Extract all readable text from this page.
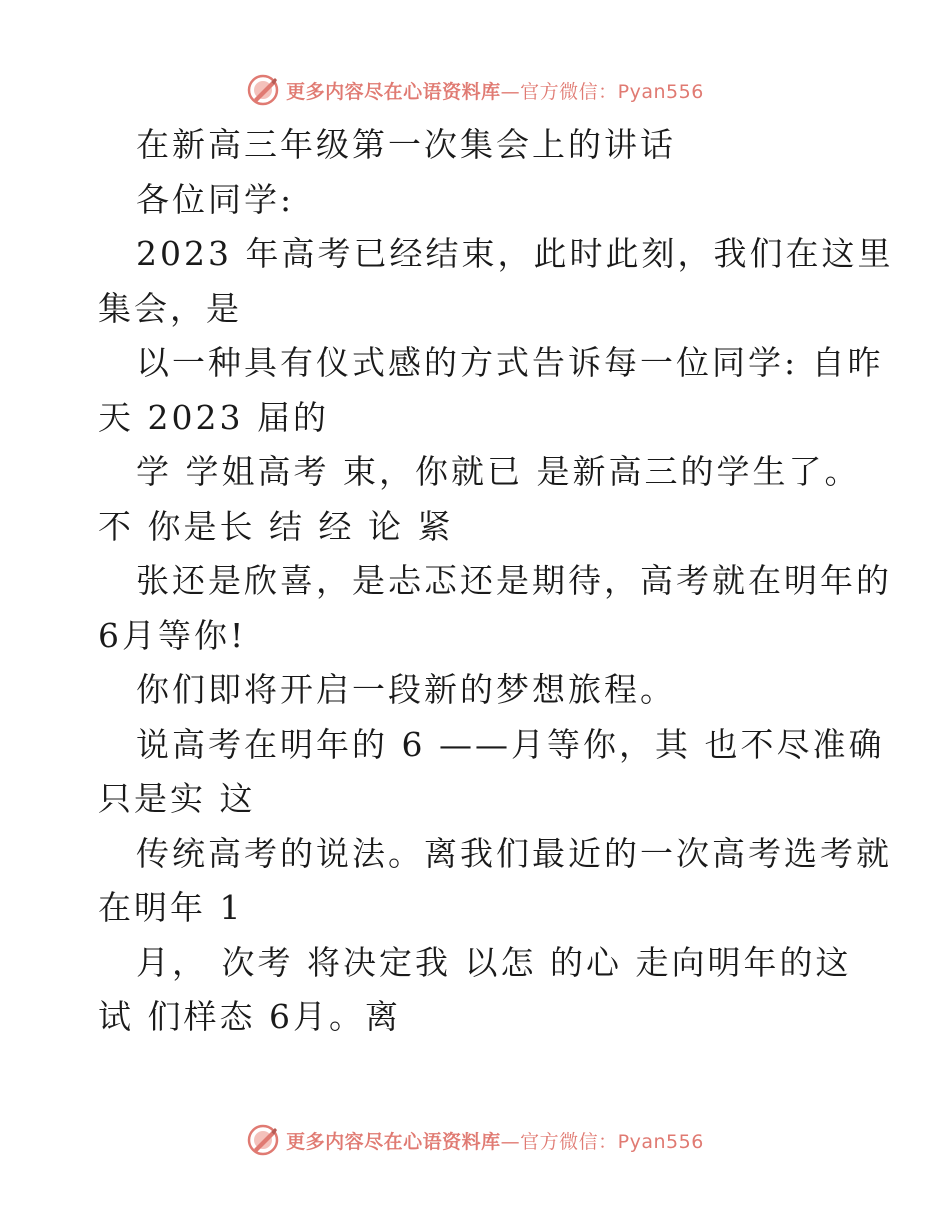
更多内容尽在心语资料库—官方微信：Pyan556
在新高三年级第一次集会上的讲话
各位同学:
2023 年高考已经结束，此时此刻，我们在这里
集会，是
以一种具有仪式感的方式告诉每一位同学: 自昨
天 2023 届的
学 学姐高考 束，你就已 是新高三的学生了。
不 你是长 结 经 论 紧
张还是欣喜，是忐忑还是期待，高考就在明年的
6月等你!
你们即将开启一段新的梦想旅程。
说高考在明年的 6 ——月等你，其 也不尽准确
只是实 这
传统高考的说法。离我们最近的一次高考选考就
在明年 1
月， 次考 将决定我 以怎 的心 走向明年的这
试 们样态 6月。离
更多内容尽在心语资料库—官方微信：Pyan556
